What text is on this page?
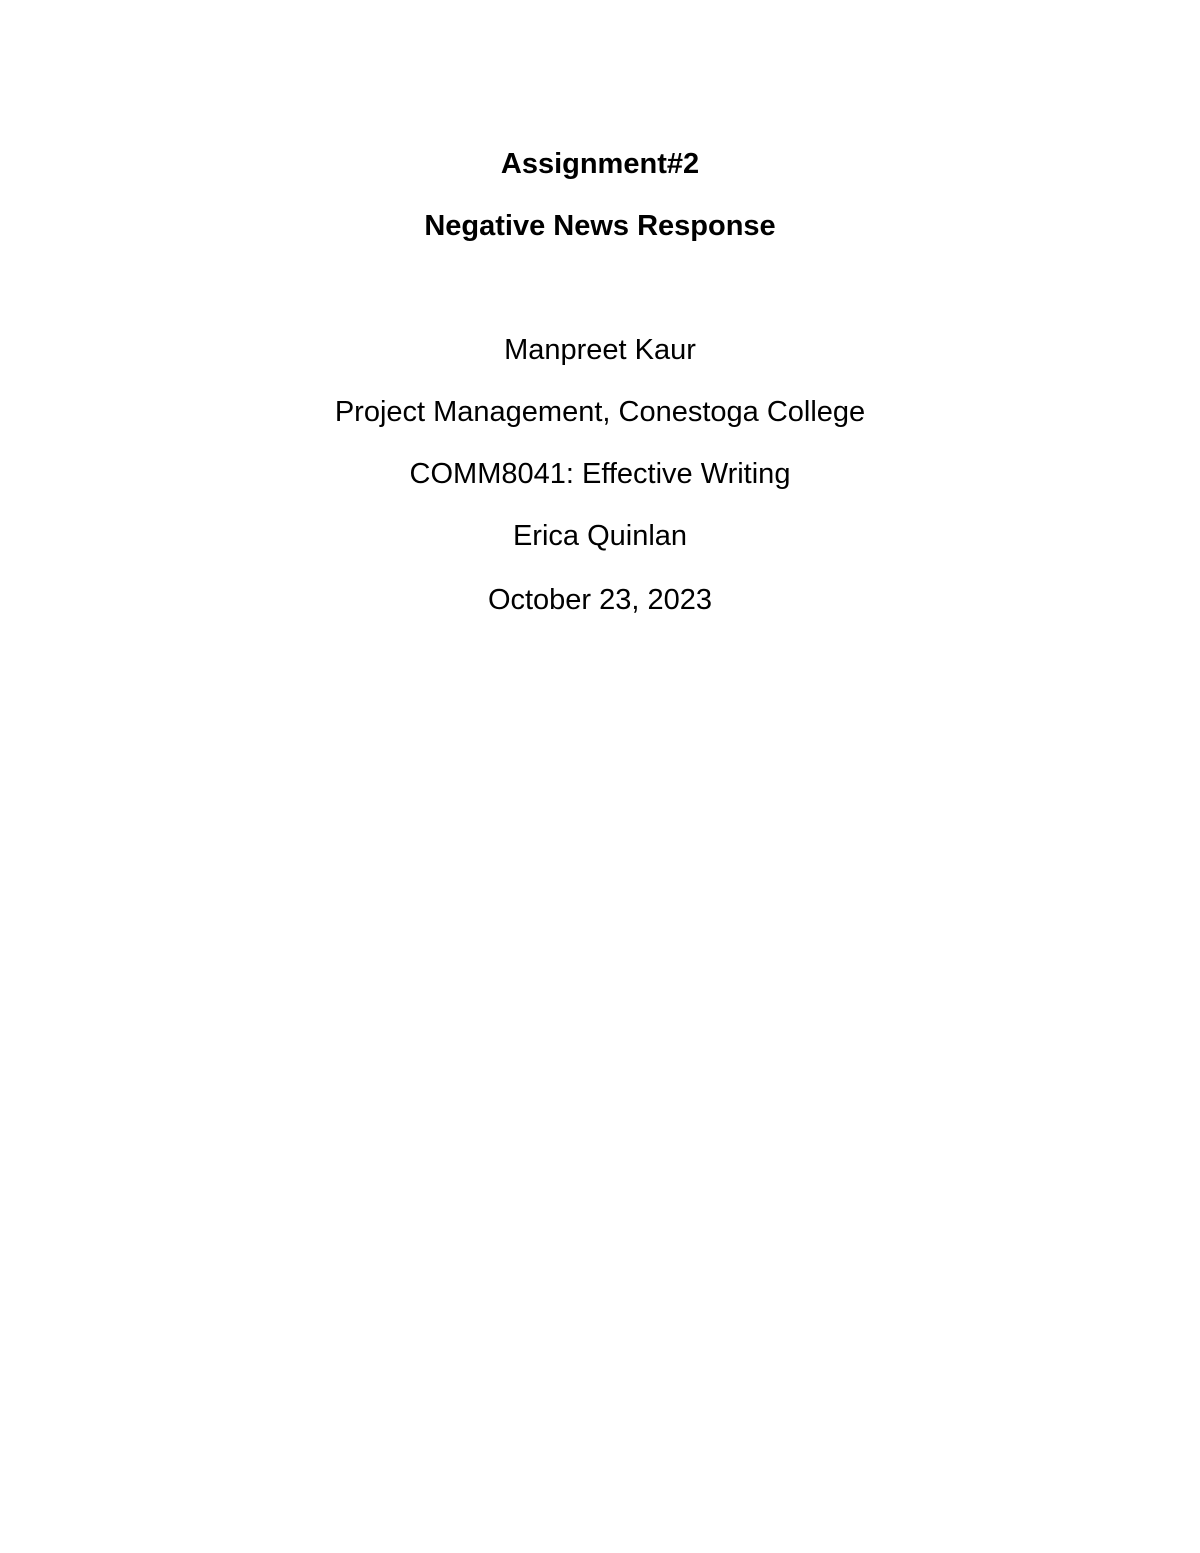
Assignment#2
Negative News Response
Manpreet Kaur
Project Management, Conestoga College
COMM8041: Effective Writing
Erica Quinlan
October 23, 2023
